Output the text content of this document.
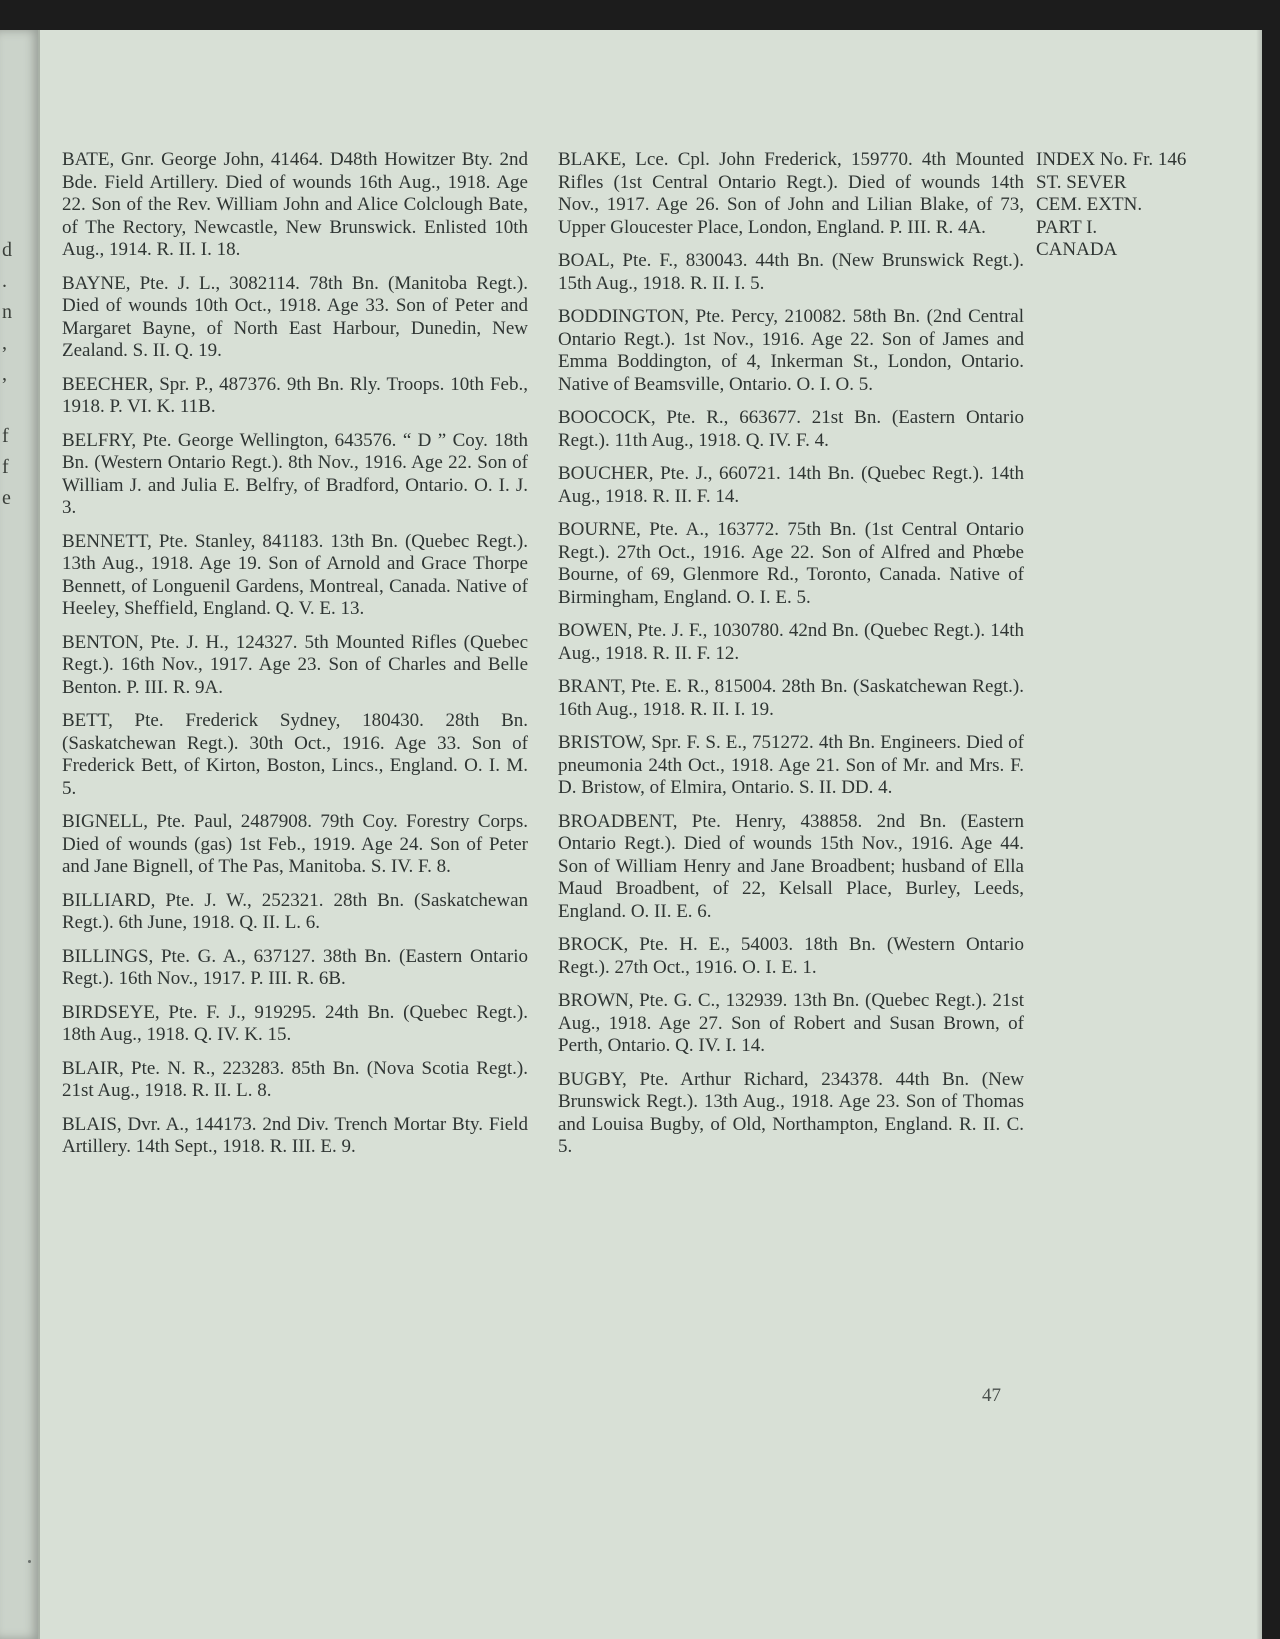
d
.
n
,
,

f
f
e

BATE, Gnr. George John, 41464. D48th Howitzer Bty. 2nd Bde. Field Artillery. Died of wounds 16th Aug., 1918. Age 22. Son of the Rev. William John and Alice Colclough Bate, of The Rectory, Newcastle, New Brunswick. Enlisted 10th Aug., 1914. R. II. I. 18.

BAYNE, Pte. J. L., 3082114. 78th Bn. (Manitoba Regt.). Died of wounds 10th Oct., 1918. Age 33. Son of Peter and Margaret Bayne, of North East Harbour, Dunedin, New Zealand. S. II. Q. 19.

BEECHER, Spr. P., 487376. 9th Bn. Rly. Troops. 10th Feb., 1918. P. VI. K. 11B.

BELFRY, Pte. George Wellington, 643576. “ D ” Coy. 18th Bn. (Western Ontario Regt.). 8th Nov., 1916. Age 22. Son of William J. and Julia E. Belfry, of Bradford, Ontario. O. I. J. 3.

BENNETT, Pte. Stanley, 841183. 13th Bn. (Quebec Regt.). 13th Aug., 1918. Age 19. Son of Arnold and Grace Thorpe Bennett, of Longuenil Gardens, Montreal, Canada. Native of Heeley, Sheffield, England. Q. V. E. 13.

BENTON, Pte. J. H., 124327. 5th Mounted Rifles (Quebec Regt.). 16th Nov., 1917. Age 23. Son of Charles and Belle Benton. P. III. R. 9A.

BETT, Pte. Frederick Sydney, 180430. 28th Bn. (Saskatchewan Regt.). 30th Oct., 1916. Age 33. Son of Frederick Bett, of Kirton, Boston, Lincs., England. O. I. M. 5.

BIGNELL, Pte. Paul, 2487908. 79th Coy. Forestry Corps. Died of wounds (gas) 1st Feb., 1919. Age 24. Son of Peter and Jane Bignell, of The Pas, Manitoba. S. IV. F. 8.

BILLIARD, Pte. J. W., 252321. 28th Bn. (Saskatchewan Regt.). 6th June, 1918. Q. II. L. 6.

BILLINGS, Pte. G. A., 637127. 38th Bn. (Eastern Ontario Regt.). 16th Nov., 1917. P. III. R. 6B.

BIRDSEYE, Pte. F. J., 919295. 24th Bn. (Quebec Regt.). 18th Aug., 1918. Q. IV. K. 15.

BLAIR, Pte. N. R., 223283. 85th Bn. (Nova Scotia Regt.). 21st Aug., 1918. R. II. L. 8.

BLAIS, Dvr. A., 144173. 2nd Div. Trench Mortar Bty. Field Artillery. 14th Sept., 1918. R. III. E. 9.

BLAKE, Lce. Cpl. John Frederick, 159770. 4th Mounted Rifles (1st Central Ontario Regt.). Died of wounds 14th Nov., 1917. Age 26. Son of John and Lilian Blake, of 73, Upper Gloucester Place, London, England. P. III. R. 4A.

BOAL, Pte. F., 830043. 44th Bn. (New Brunswick Regt.). 15th Aug., 1918. R. II. I. 5.

BODDINGTON, Pte. Percy, 210082. 58th Bn. (2nd Central Ontario Regt.). 1st Nov., 1916. Age 22. Son of James and Emma Boddington, of 4, Inkerman St., London, Ontario. Native of Beamsville, Ontario. O. I. O. 5.

BOOCOCK, Pte. R., 663677. 21st Bn. (Eastern Ontario Regt.). 11th Aug., 1918. Q. IV. F. 4.

BOUCHER, Pte. J., 660721. 14th Bn. (Quebec Regt.). 14th Aug., 1918. R. II. F. 14.

BOURNE, Pte. A., 163772. 75th Bn. (1st Central Ontario Regt.). 27th Oct., 1916. Age 22. Son of Alfred and Phœbe Bourne, of 69, Glenmore Rd., Toronto, Canada. Native of Birmingham, England. O. I. E. 5.

BOWEN, Pte. J. F., 1030780. 42nd Bn. (Quebec Regt.). 14th Aug., 1918. R. II. F. 12.

BRANT, Pte. E. R., 815004. 28th Bn. (Saskatchewan Regt.). 16th Aug., 1918. R. II. I. 19.

BRISTOW, Spr. F. S. E., 751272. 4th Bn. Engineers. Died of pneumonia 24th Oct., 1918. Age 21. Son of Mr. and Mrs. F. D. Bristow, of Elmira, Ontario. S. II. DD. 4.

BROADBENT, Pte. Henry, 438858. 2nd Bn. (Eastern Ontario Regt.). Died of wounds 15th Nov., 1916. Age 44. Son of William Henry and Jane Broadbent; husband of Ella Maud Broadbent, of 22, Kelsall Place, Burley, Leeds, England. O. II. E. 6.

BROCK, Pte. H. E., 54003. 18th Bn. (Western Ontario Regt.). 27th Oct., 1916. O. I. E. 1.

BROWN, Pte. G. C., 132939. 13th Bn. (Quebec Regt.). 21st Aug., 1918. Age 27. Son of Robert and Susan Brown, of Perth, Ontario. Q. IV. I. 14.

BUGBY, Pte. Arthur Richard, 234378. 44th Bn. (New Brunswick Regt.). 13th Aug., 1918. Age 23. Son of Thomas and Louisa Bugby, of Old, Northampton, England. R. II. C. 5.

INDEX No. Fr. 146
ST. SEVER
CEM. EXTN.
PART I.
CANADA
47
